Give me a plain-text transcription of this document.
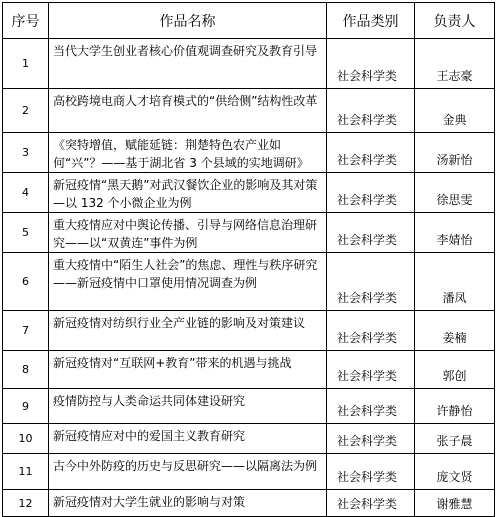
序号	作品名称	作品类别	负责人
1	当代大学生创业者核心价值观调查研究及教育引导	社会科学类	王志豪
2	高校跨境电商人才培育模式的“供给侧”结构性改革	社会科学类	金典
3	《突特增值，赋能延链：荆楚特色农产业如何“兴”？——基于湖北省 3 个县域的实地调研》	社会科学类	汤新怡
4	新冠疫情“黑天鹅”对武汉餐饮企业的影响及其对策—以 132 个小微企业为例	社会科学类	徐思雯
5	重大疫情应对中舆论传播、引导与网络信息治理研究——以“双黄连”事件为例	社会科学类	李婧怡
6	重大疫情中“陌生人社会”的焦虑、理性与秩序研究——新冠疫情中口罩使用情况调查为例	社会科学类	潘凤
7	新冠疫情对纺织行业全产业链的影响及对策建议	社会科学类	姜楠
8	新冠疫情对“互联网+教育”带来的机遇与挑战	社会科学类	郭创
9	疫情防控与人类命运共同体建设研究	社会科学类	许静怡
10	新冠疫情应对中的爱国主义教育研究	社会科学类	张子晨
11	古今中外防疫的历史与反思研究——以隔离法为例	社会科学类	庞文贤
12	新冠疫情对大学生就业的影响与对策	社会科学类	谢雅慧
